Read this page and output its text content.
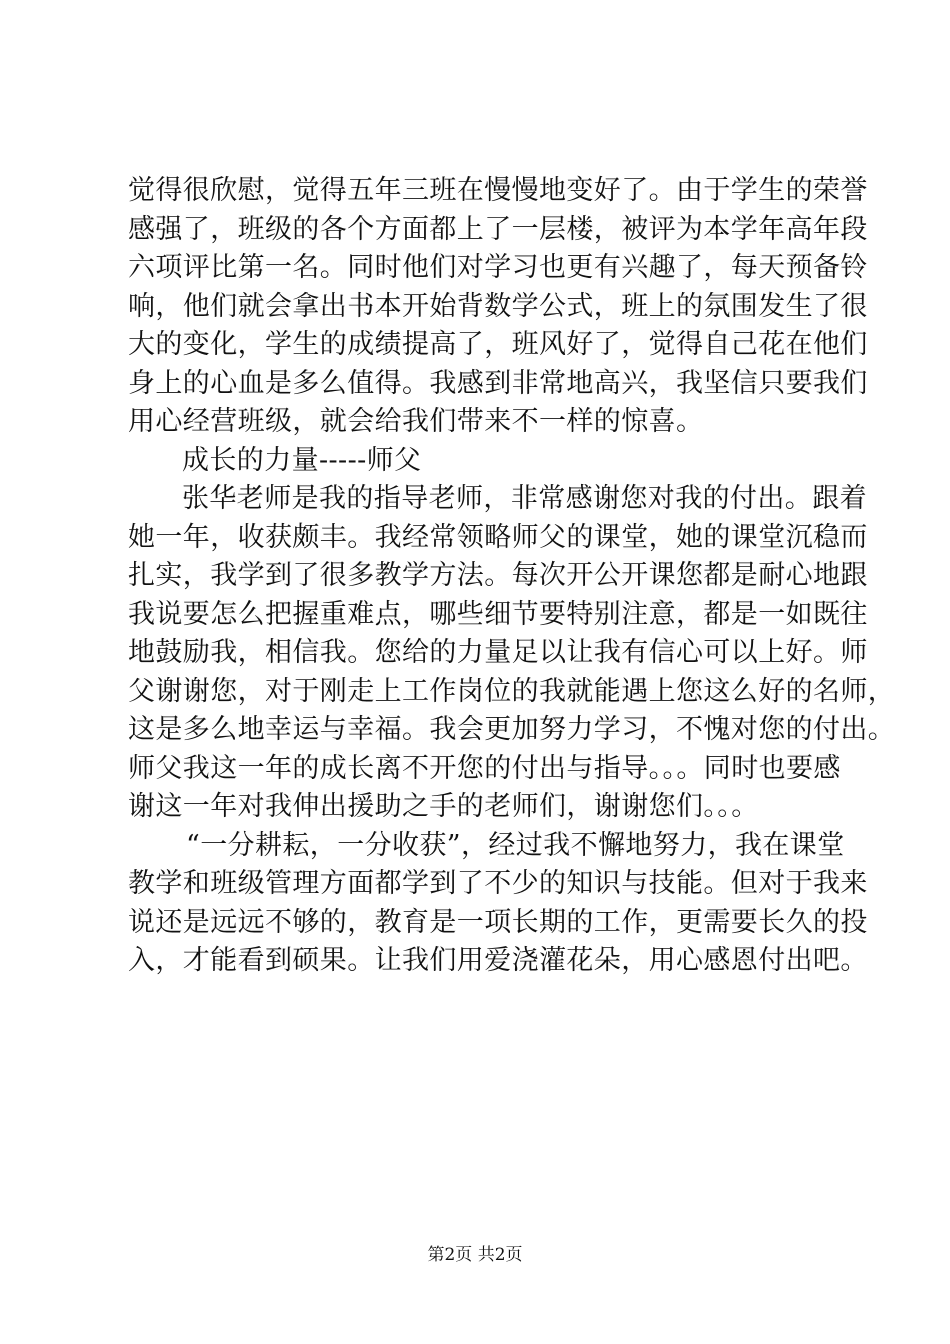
觉得很欣慰，觉得五年三班在慢慢地变好了。由于学生的荣誉
感强了，班级的各个方面都上了一层楼，被评为本学年高年段
六项评比第一名。同时他们对学习也更有兴趣了，每天预备铃
响，他们就会拿出书本开始背数学公式，班上的氛围发生了很
大的变化，学生的成绩提高了，班风好了，觉得自己花在他们
身上的心血是多么值得。我感到非常地高兴，我坚信只要我们
用心经营班级，就会给我们带来不一样的惊喜。
成长的力量-----师父
张华老师是我的指导老师，非常感谢您对我的付出。跟着
她一年，收获颇丰。我经常领略师父的课堂，她的课堂沉稳而
扎实，我学到了很多教学方法。每次开公开课您都是耐心地跟
我说要怎么把握重难点，哪些细节要特别注意，都是一如既往
地鼓励我，相信我。您给的力量足以让我有信心可以上好。师
父谢谢您，对于刚走上工作岗位的我就能遇上您这么好的名师，
这是多么地幸运与幸福。我会更加努力学习，不愧对您的付出。
师父我这一年的成长离不开您的付出与指导。。。同时也要感
谢这一年对我伸出援助之手的老师们，谢谢您们。。。
“一分耕耘，一分收获”，经过我不懈地努力，我在课堂
教学和班级管理方面都学到了不少的知识与技能。但对于我来
说还是远远不够的，教育是一项长期的工作，更需要长久的投
入，才能看到硕果。让我们用爱浇灌花朵，用心感恩付出吧。
第2页 共2页
